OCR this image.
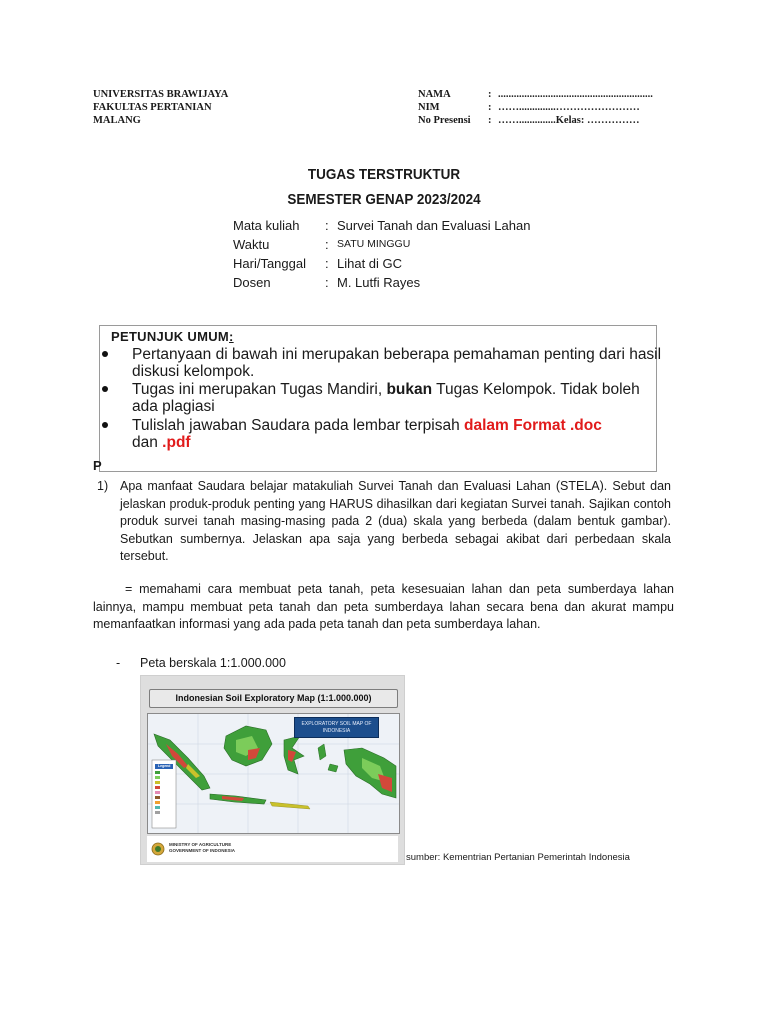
UNIVERSITAS BRAWIJAYA
FAKULTAS PERTANIAN
MALANG
NAMA	: ...........................................................
NIM	: ……..............……………………
No Presensi	: ……..............Kelas: ……………
TUGAS TERSTRUKTUR
SEMESTER GENAP 2023/2024
Mata kuliah	: Survei Tanah dan Evaluasi Lahan
Waktu	: SATU MINGGU
Hari/Tanggal	: Lihat di GC
Dosen	: M. Lutfi Rayes
PETUNJUK UMUM:
Pertanyaan di bawah ini merupakan beberapa pemahaman penting dari hasil diskusi kelompok.
Tugas ini merupakan Tugas Mandiri, bukan Tugas Kelompok. Tidak boleh ada plagiasi
Tulislah jawaban Saudara pada lembar terpisah dalam Format .doc
dan .pdf
P
1) Apa manfaat Saudara belajar matakuliah Survei Tanah dan Evaluasi Lahan (STELA). Sebut dan jelaskan produk-produk penting yang HARUS dihasilkan dari kegiatan Survei tanah. Sajikan contoh produk survei tanah masing-masing pada 2 (dua) skala yang berbeda (dalam bentuk gambar). Sebutkan sumbernya. Jelaskan apa saja yang berbeda sebagai akibat dari perbedaan skala tersebut.
= memahami cara membuat peta tanah, peta kesesuaian lahan dan peta sumberdaya lahan lainnya, mampu membuat peta tanah dan peta sumberdaya lahan secara bena dan akurat mampu memanfaatkan informasi yang ada pada peta tanah dan peta sumberdaya lahan.
- Peta berskala 1:1.000.000
Indonesian Soil Exploratory Map (1:1.000.000)
Legend
EXPLORATORY SOIL MAP OF INDONESIA
MINISTRY OF AGRICULTURE
GOVERNMENT OF INDONESIA
sumber: Kementrian Pertanian Pemerintah Indonesia
